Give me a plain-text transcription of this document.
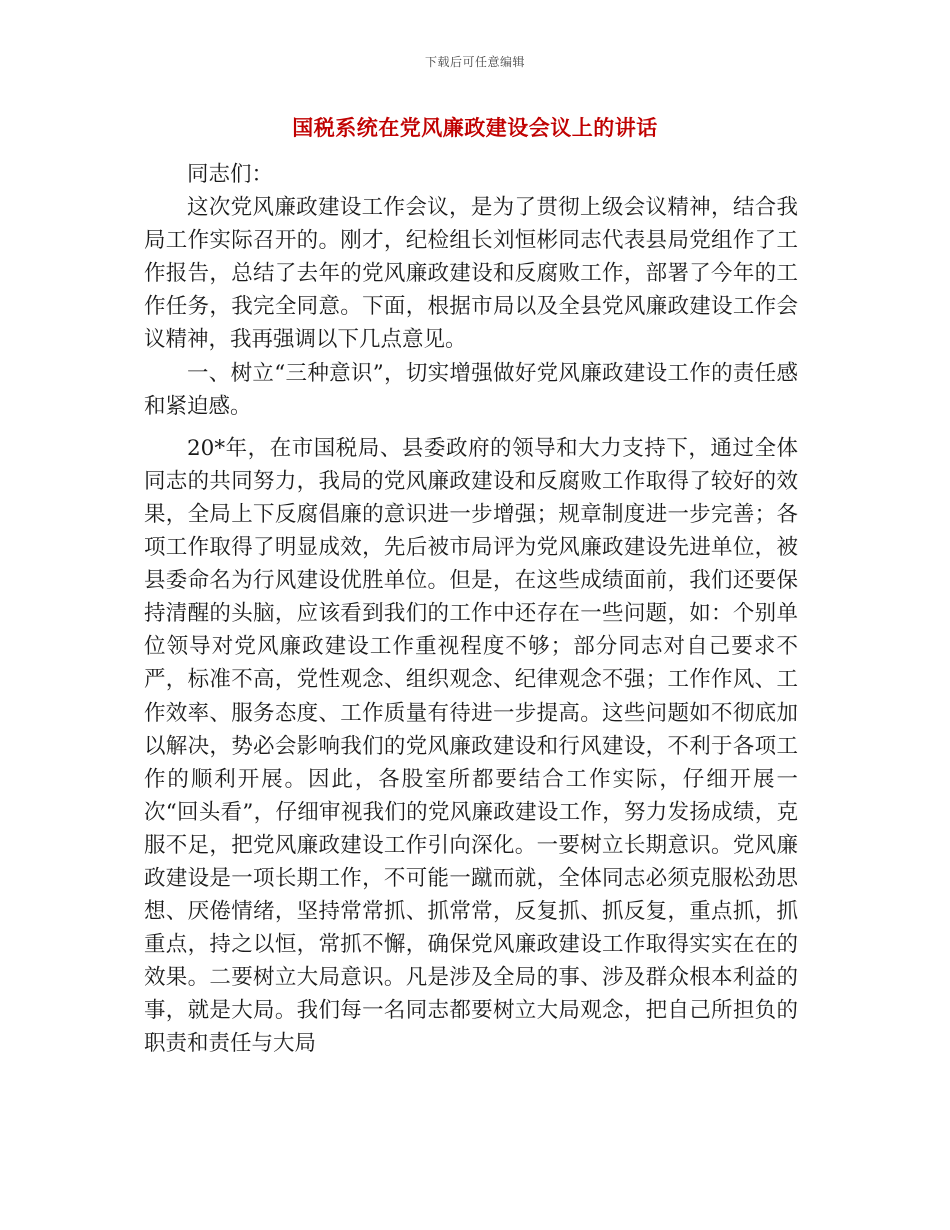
下载后可任意编辑
国税系统在党风廉政建设会议上的讲话

同志们：

这次党风廉政建设工作会议，是为了贯彻上级会议精神，结合我局工作实际召开的。刚才，纪检组长刘恒彬同志代表县局党组作了工作报告，总结了去年的党风廉政建设和反腐败工作，部署了今年的工作任务，我完全同意。下面，根据市局以及全县党风廉政建设工作会议精神，我再强调以下几点意见。

一、树立“三种意识”，切实增强做好党风廉政建设工作的责任感和紧迫感。

20*年，在市国税局、县委政府的领导和大力支持下，通过全体同志的共同努力，我局的党风廉政建设和反腐败工作取得了较好的效果，全局上下反腐倡廉的意识进一步增强；规章制度进一步完善；各项工作取得了明显成效，先后被市局评为党风廉政建设先进单位，被县委命名为行风建设优胜单位。但是，在这些成绩面前，我们还要保持清醒的头脑，应该看到我们的工作中还存在一些问题，如：个别单位领导对党风廉政建设工作重视程度不够；部分同志对自己要求不严，标准不高，党性观念、组织观念、纪律观念不强；工作作风、工作效率、服务态度、工作质量有待进一步提高。这些问题如不彻底加以解决，势必会影响我们的党风廉政建设和行风建设，不利于各项工作的顺利开展。因此，各股室所都要结合工作实际，仔细开展一次“回头看”，仔细审视我们的党风廉政建设工作，努力发扬成绩，克服不足，把党风廉政建设工作引向深化。一要树立长期意识。党风廉政建设是一项长期工作，不可能一蹴而就，全体同志必须克服松劲思想、厌倦情绪，坚持常常抓、抓常常，反复抓、抓反复，重点抓，抓重点，持之以恒，常抓不懈，确保党风廉政建设工作取得实实在在的效果。二要树立大局意识。凡是涉及全局的事、涉及群众根本利益的事，就是大局。我们每一名同志都要树立大局观念，把自己所担负的职责和责任与大局
